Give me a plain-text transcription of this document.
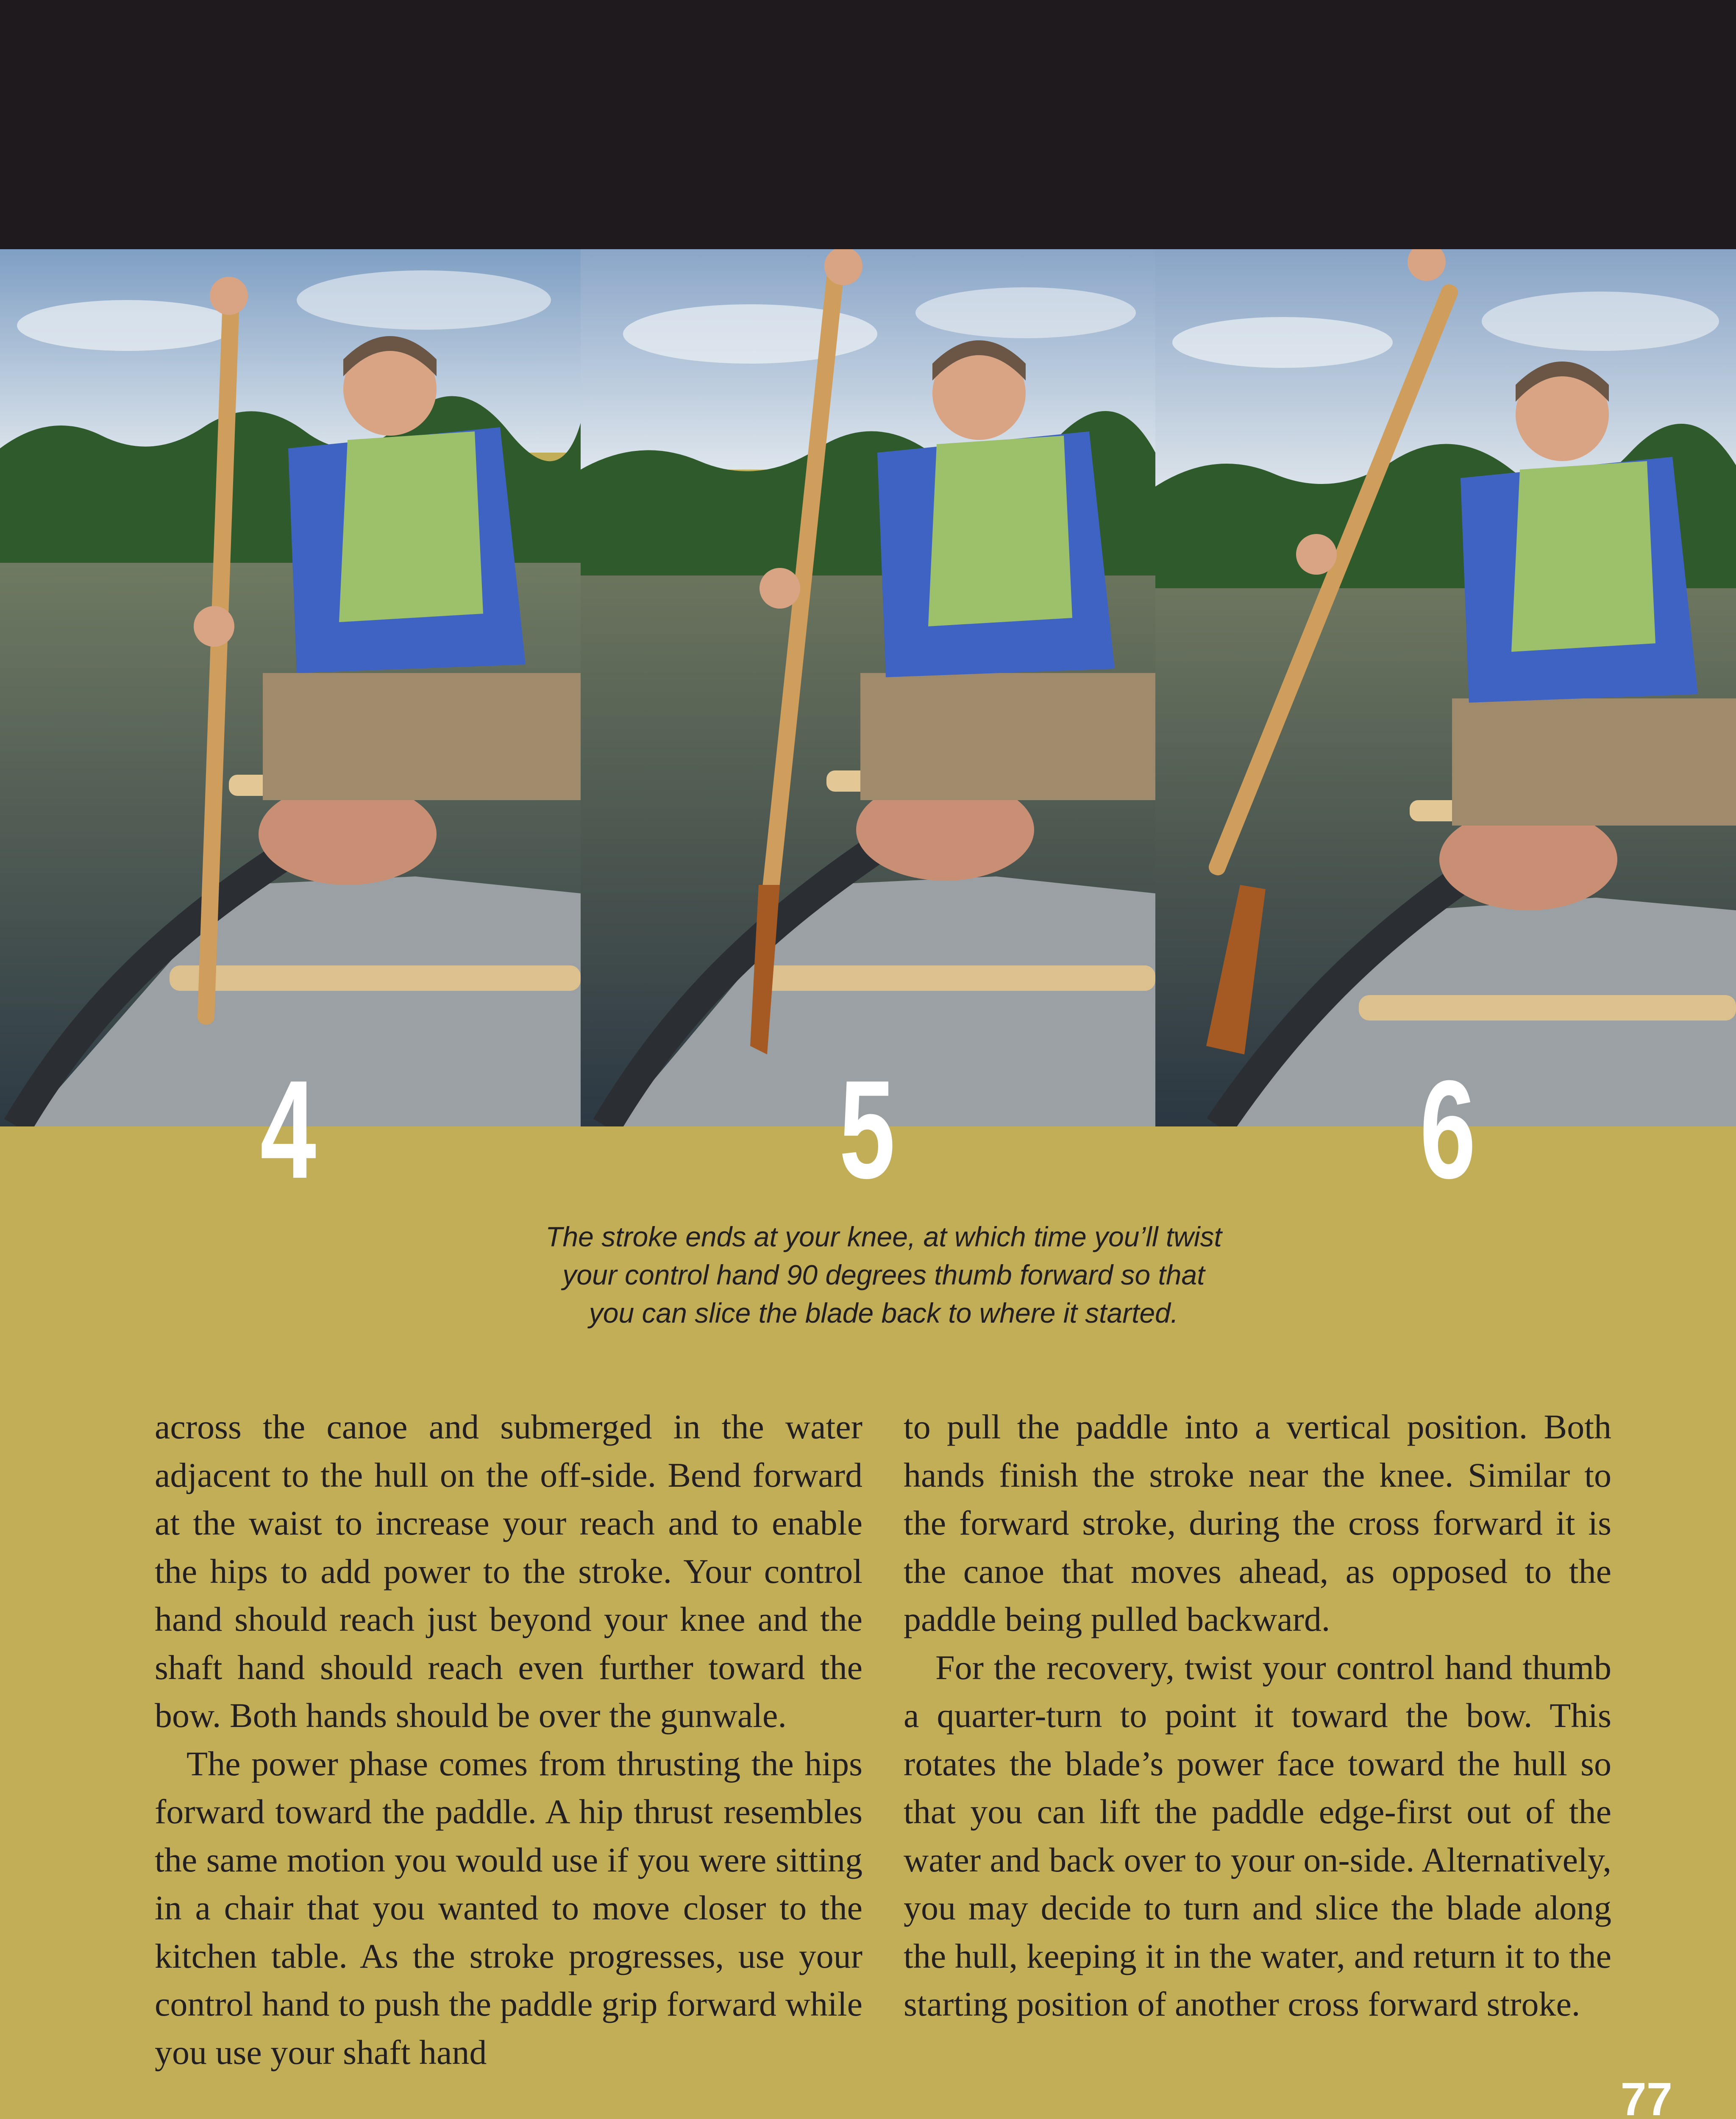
4	5	6
The stroke ends at your knee, at which time you’ll twist
your control hand 90 degrees thumb forward so that
you can slice the blade back to where it started.

across the canoe and submerged in the water adjacent to the hull on the off-side. Bend forward at the waist to increase your reach and to enable the hips to add power to the stroke. Your control hand should reach just beyond your knee and the shaft hand should reach even further toward the bow. Both hands should be over the gunwale.

The power phase comes from thrusting the hips forward toward the paddle. A hip thrust resembles the same motion you would use if you were sitting in a chair that you wanted to move closer to the kitchen table. As the stroke progresses, use your control hand to push the paddle grip forward while you use your shaft hand

to pull the paddle into a vertical position. Both hands finish the stroke near the knee. Similar to the forward stroke, during the cross forward it is the canoe that moves ahead, as opposed to the paddle being pulled backward.

For the recovery, twist your control hand thumb a quarter-turn to point it toward the bow. This rotates the blade’s power face toward the hull so that you can lift the paddle edge-first out of the water and back over to your on-side. Alternatively, you may decide to turn and slice the blade along the hull, keeping it in the water, and return it to the starting position of another cross forward stroke.

77
